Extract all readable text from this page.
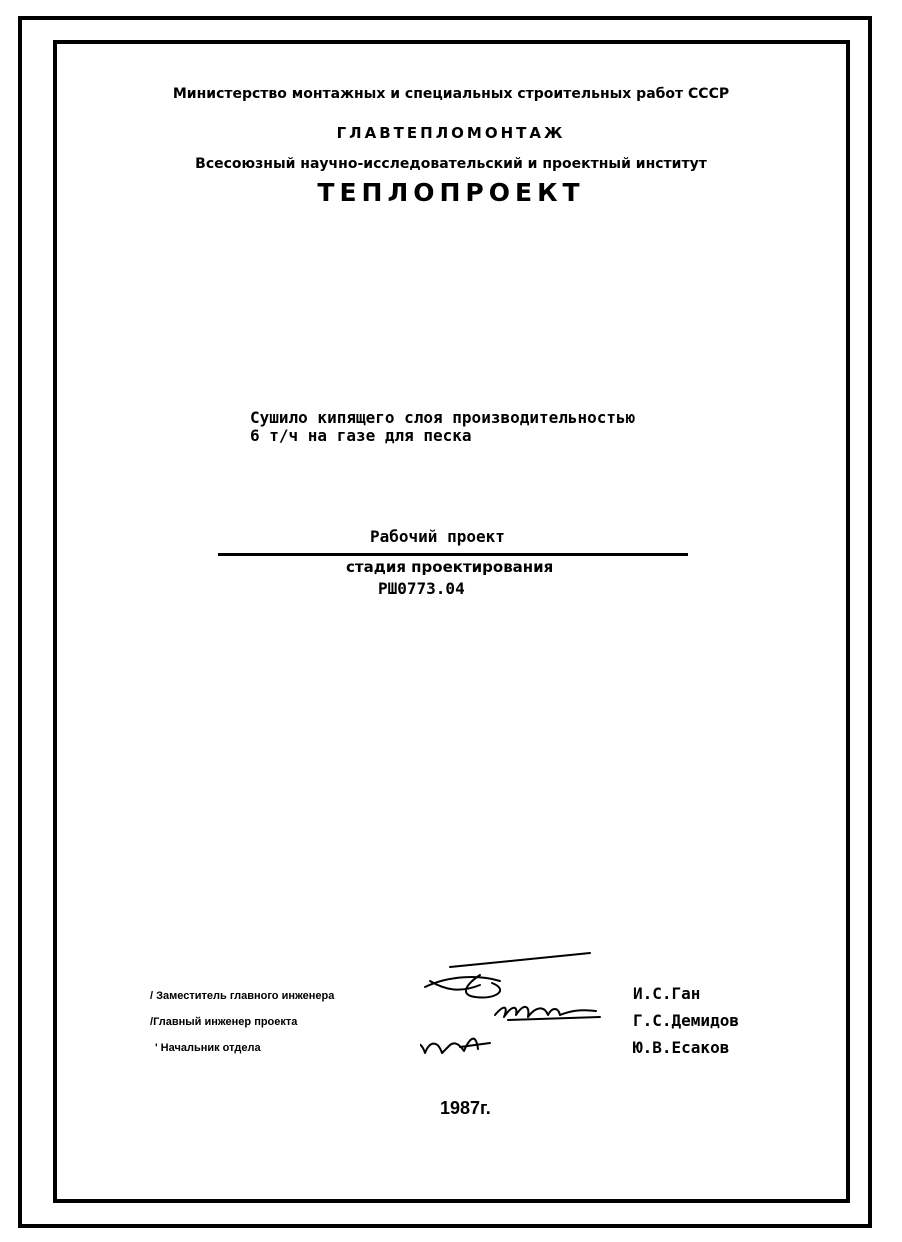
Министерство монтажных и специальных строительных работ СССР
ГЛАВТЕПЛОМОНТАЖ
Всесоюзный научно-исследовательский и проектный институт
ТЕПЛОПРОЕКТ
Сушило кипящего слоя производительностью
6 т/ч на газе для песка
Рабочий проект
стадия проектирования
РШ0773.04
/ Заместитель главного инженера
/Главный инженер проекта
' Начальник отдела
И.С.Ган
Г.С.Демидов
Ю.В.Есаков
1987г.
